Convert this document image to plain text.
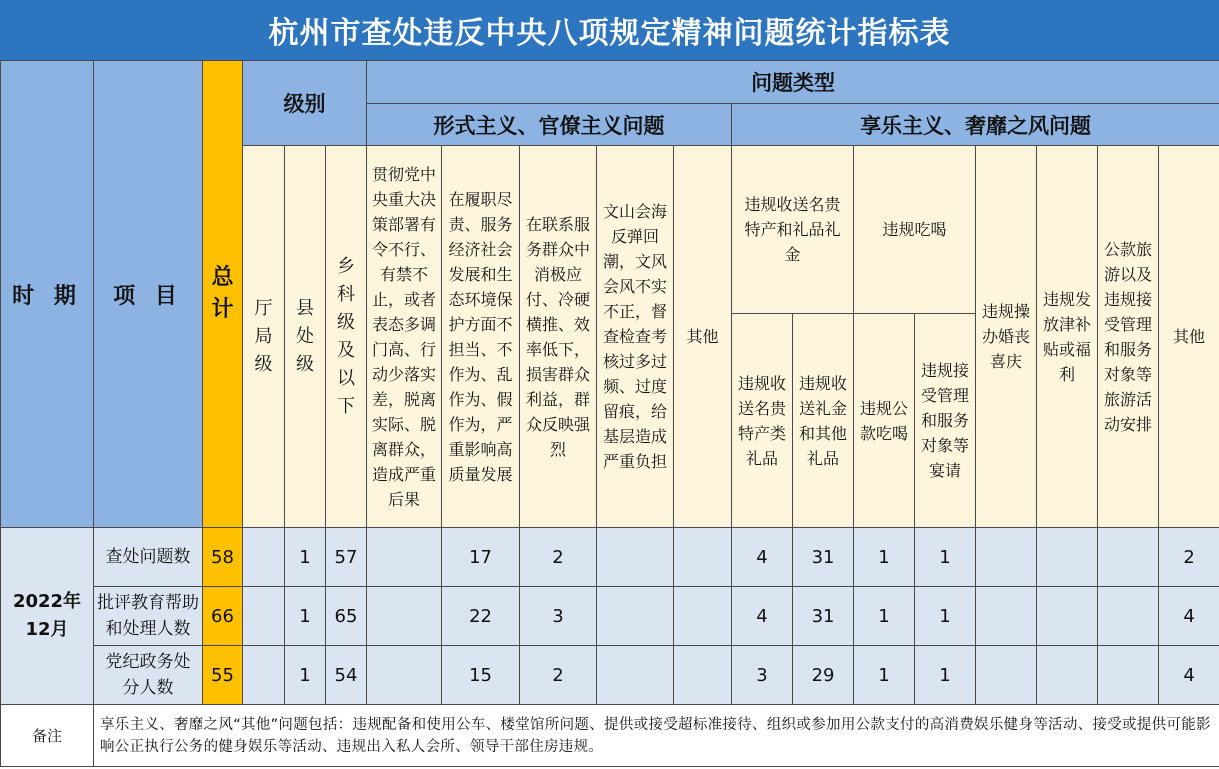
杭州市查处违反中央八项规定精神问题统计指标表
时 期	项 目	总计	级别			问题类型												
						形式主义、官僚主义问题					享乐主义、奢靡之风问题							
			厅局级	县处级	乡科级及以下	贯彻党中央重大决策部署有令不行、有禁不止，或者表态多调门高、行动少落实差，脱离实际、脱离群众，造成严重后果	在履职尽责、服务经济社会发展和生态环境保护方面不担当、不作为、乱作为、假作为，严重影响高质量发展	在联系服务群众中消极应付、冷硬横推、效率低下，损害群众利益，群众反映强烈	文山会海反弹回潮，文风会风不实不正，督查检查考核过多过频、过度留痕，给基层造成严重负担	其他	违规收送名贵特产和礼品礼金		违规吃喝		违规操办婚丧喜庆	违规发放津补贴或福利	公款旅游以及违规接受管理和服务对象等旅游活动安排	其他
											违规收送名贵特产类礼品	违规收送礼金和其他礼品	违规公款吃喝	违规接受管理和服务对象等宴请				

2022年12月	查处问题数	58		1	57		17	2			4	31	1	1				2
	批评教育帮助和处理人数	66		1	65		22	3			4	31	1	1				4
	党纪政务处分人数	55		1	54		15	2			3	29	1	1				4
备注	享乐主义、奢靡之风“其他”问题包括：违规配备和使用公车、楼堂馆所问题、提供或接受超标准接待、组织或参加用公款支付的高消费娱乐健身等活动、接受或提供可能影响公正执行公务的健身娱乐等活动、违规出入私人会所、领导干部住房违规。																	
